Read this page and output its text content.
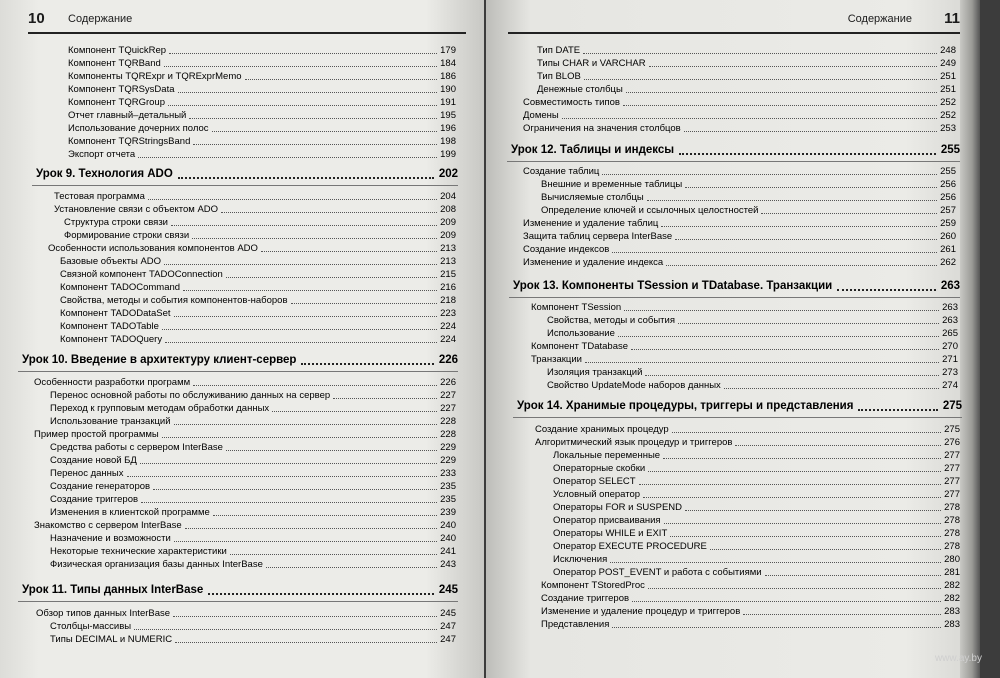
10 Содержание	Содержание 11
Компонент TQuickRep	179
Компонент TQRBand	184
Компоненты TQRExpr и TQRExprMemo	186
Компонент TQRSysData	190
Компонент TQRGroup	191
Отчет главный–детальный	195
Использование дочерних полос	196
Компонент TQRStringsBand	198
Экспорт отчета	199
Урок 9. Технология ADO	202
Тестовая программа	204
Установление связи с объектом ADO	208
Структура строки связи	209
Формирование строки связи	209
Особенности использования компонентов ADO	213
Базовые объекты ADO	213
Связной компонент TADOConnection	215
Компонент TADOCommand	216
Свойства, методы и события компонентов-наборов	218
Компонент TADODataSet	223
Компонент TADOTable	224
Компонент TADOQuery	224
Урок 10. Введение в архитектуру клиент-сервер	226
Особенности разработки программ	226
Перенос основной работы по обслуживанию данных на сервер	227
Переход к групповым методам обработки данных	227
Использование транзакций	228
Пример простой программы	228
Средства работы с сервером InterBase	229
Создание новой БД	229
Перенос данных	233
Создание генераторов	235
Создание триггеров	235
Изменения в клиентской программе	239
Знакомство с сервером InterBase	240
Назначение и возможности	240
Некоторые технические характеристики	241
Физическая организация базы данных InterBase	243
Урок 11. Типы данных InterBase	245
Обзор типов данных InterBase	245
Столбцы-массивы	247
Типы DECIMAL и NUMERIC	247
Тип DATE	248
Типы CHAR и VARCHAR	249
Тип BLOB	251
Денежные столбцы	251
Совместимость типов	252
Домены	252
Ограничения на значения столбцов	253
Урок 12. Таблицы и индексы	255
Создание таблиц	255
Внешние и временные таблицы	256
Вычисляемые столбцы	256
Определение ключей и ссылочных целостностей	257
Изменение и удаление таблиц	259
Защита таблиц сервера InterBase	260
Создание индексов	261
Изменение и удаление индекса	262
Урок 13. Компоненты TSession и TDatabase. Транзакции	263
Компонент TSession	263
Свойства, методы и события	263
Использование	265
Компонент TDatabase	270
Транзакции	271
Изоляция транзакций	273
Свойство UpdateMode наборов данных	274
Урок 14. Хранимые процедуры, триггеры и представления	275
Создание хранимых процедур	275
Алгоритмический язык процедур и триггеров	276
Локальные переменные	277
Операторные скобки	277
Оператор SELECT	277
Условный оператор	277
Операторы FOR и SUSPEND	278
Оператор присваивания	278
Операторы WHILE и EXIT	278
Оператор EXECUTE PROCEDURE	278
Исключения	280
Оператор POST_EVENT и работа с событиями	281
Компонент TStoredProc	282
Создание триггеров	282
Изменение и удаление процедур и триггеров	283
Представления	283
www.ay.by
